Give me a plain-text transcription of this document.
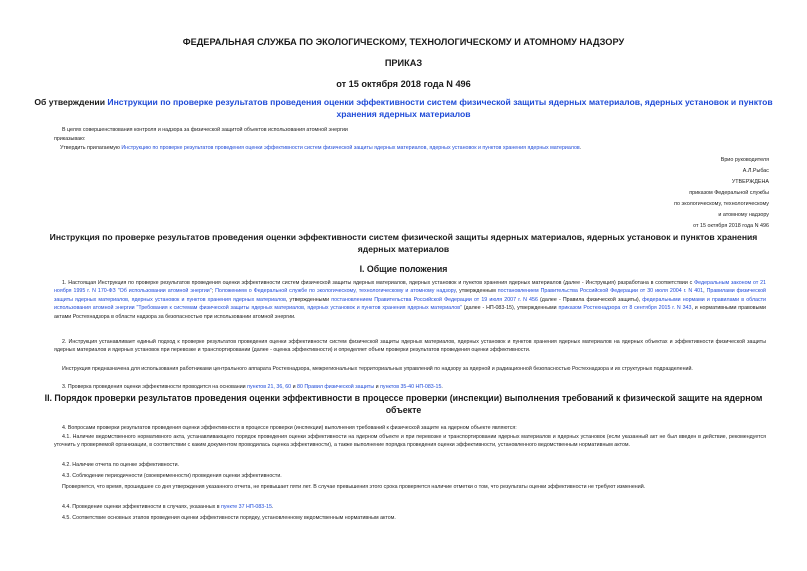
ФЕДЕРАЛЬНАЯ СЛУЖБА ПО ЭКОЛОГИЧЕСКОМУ, ТЕХНОЛОГИЧЕСКОМУ И АТОМНОМУ НАДЗОРУ
ПРИКАЗ
от 15 октября 2018 года N 496
Об утверждении Инструкции по проверке результатов проведения оценки эффективности систем физической защиты ядерных материалов, ядерных установок и пунктов хранения ядерных материалов
В целях совершенствования контроля и надзора за физической защитой объектов использования атомной энергии
приказываю:
Утвердить прилагаемую Инструкцию по проверке результатов проведения оценки эффективности систем физической защиты ядерных материалов, ядерных установок и пунктов хранения ядерных материалов.
Врио руководителя
А.Л.Рыбас
УТВЕРЖДЕНА
приказом Федеральной службы
по экологическому, технологическому
и атомному надзору
от 15 октября 2018 года N 496
Инструкция по проверке результатов проведения оценки эффективности систем физической защиты ядерных материалов, ядерных установок и пунктов хранения ядерных материалов
I. Общие положения
1. Настоящая Инструкция по проверке результатов проведения оценки эффективности систем физической защиты ядерных материалов, ядерных установок и пунктов хранения ядерных материалов (далее - Инструкция) разработана в соответствии с Федеральным законом от 21 ноября 1995 г. N 170-ФЗ "Об использовании атомной энергии"; Положением о Федеральной службе по экологическому, технологическому и атомному надзору, утвержденным постановлением Правительства Российской Федерации от 30 июля 2004 г. N 401, Правилами физической защиты ядерных материалов, ядерных установок и пунктов хранения ядерных материалов, утвержденными постановлением Правительства Российской Федерации от 19 июля 2007 г. N 456 (далее - Правила физической защиты), федеральными нормами и правилами в области использования атомной энергии "Требования к системам физической защиты ядерных материалов, ядерных установок и пунктов хранения ядерных материалов" (далее - НП-083-15), утвержденными приказом Ростехнадзора от 8 сентября 2015 г. N 343, и нормативными правовыми актами Ростехнадзора в области надзора за безопасностью при использовании атомной энергии.
2. Инструкция устанавливает единый подход к проверке результатов проведения оценки эффективности систем физической защиты ядерных материалов, ядерных установок и пунктов хранения ядерных материалов на ядерных объектах и эффективности физической защиты ядерных материалов и ядерных установок при перевозке и транспортировании (далее - оценка эффективности) и определяет объем проверки результатов проведения оценки эффективности.
Инструкция предназначена для использования работниками центрального аппарата Ростехнадзора, межрегиональных территориальных управлений по надзору за ядерной и радиационной безопасностью Ростехнадзора и их структурных подразделений.
3. Проверка проведения оценки эффективности проводится на основании пунктов 21, 36, 60 и 80 Правил физической защиты и пунктов 35-40 НП-083-15.
II. Порядок проверки результатов проведения оценки эффективности в процессе проверки (инспекции) выполнения требований к физической защите на ядерном объекте
4. Вопросами проверки результатов проведения оценки эффективности в процессе проверки (инспекции) выполнения требований к физической защите на ядерном объекте являются:
4.1. Наличие ведомственного нормативного акта, устанавливающего порядок проведения оценки эффективности на ядерном объекте и при перевозке и транспортировании ядерных материалов и ядерных установок (если указанный акт не был введен в действие, рекомендуется уточнить у проверяемой организации, в соответствии с каким документом проводилась оценка эффективности), а также выполнение порядка проведения оценки эффективности, установленного ведомственным нормативным актом.
4.2. Наличие отчета по оценке эффективности.
4.3. Соблюдение периодичности (своевременности) проведения оценки эффективности.
Проверяется, что время, прошедшее со дня утверждения указанного отчета, не превышает пяти лет. В случае превышения этого срока проверяется наличие отметки о том, что результаты оценки эффективности не требуют изменений.
4.4. Проведение оценки эффективности в случаях, указанных в пункте 37 НП-083-15.
4.5. Соответствие основных этапов проведения оценки эффективности порядку, установленному ведомственным нормативным актом.
